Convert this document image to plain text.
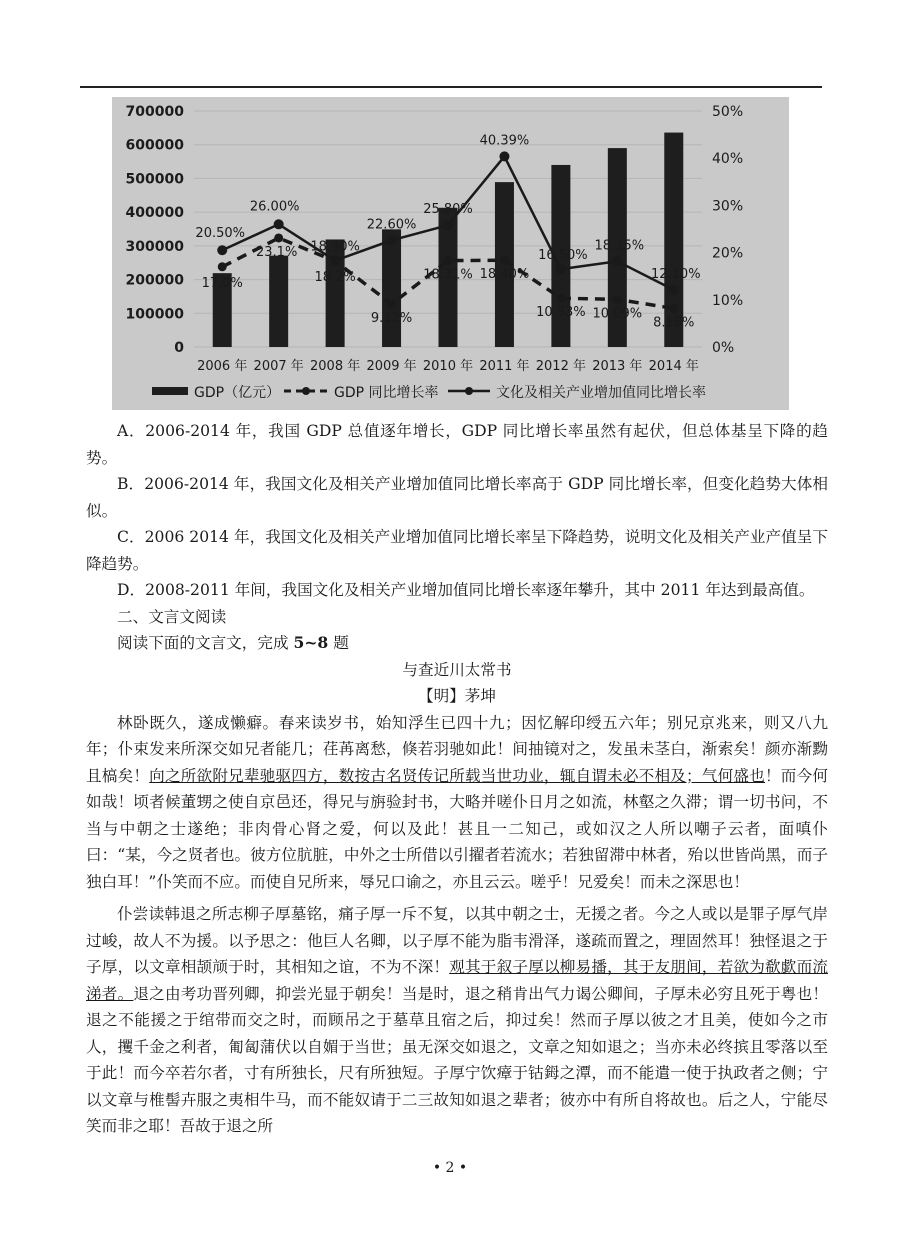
0
100000
200000
300000
400000
500000
600000
700000
0%
10%
20%
30%
40%
50%
2006 年 2007 年 2008 年 2009 年 2010 年 2011 年 2012 年 2013 年 2014 年
20.50%
26.00%
18.30%
22.60%
25.80%
40.39%
16.50%
18.15%
12.10%
17.0%
23.1%
18.2%
9.12%
18.31% 18.40%
10.33% 10.09%
8.18%
GDP（亿元）	GDP 同比增长率	文化及相关产业增加值同比增长率

A．2006-2014 年，我国 GDP 总值逐年增长，GDP 同比增长率虽然有起伏，但总体基呈下降的趋势。

B．2006-2014 年，我国文化及相关产业增加值同比增长率高于 GDP 同比增长率，但变化趋势大体相似。

C．2006 2014 年，我国文化及相关产业增加值同比增长率呈下降趋势，说明文化及相关产业产值呈下降趋势。

D．2008-2011 年间，我国文化及相关产业增加值同比增长率逐年攀升，其中 2011 年达到最高值。

二、文言文阅读

阅读下面的文言文，完成 5~8 题

与查近川太常书

【明】茅坤

林卧既久，遂成懒癖。春来读岁书，始知浮生已四十九；因忆解印绶五六年；别兄京兆来，则又八九年；仆束发来所深交如兄者能几；荏苒离愁，倏若羽驰如此！间抽镜对之，发虽未茎白，渐索矣！颜亦渐黝且槁矣！向之所欲附兄辈驰驱四方，数按古名贤传记所载当世功业，辄自谓未必不相及；气何盛也！而今何如哉！顷者候董甥之使自京邑还，得兄与旃验封书，大略并嗟仆日月之如流，林壑之久滞；谓一切书问，不当与中朝之士遂绝；非肉骨心肾之爱，何以及此！甚且一二知己，或如汉之人所以嘲子云者，面嗔仆曰：“某，今之贤者也。彼方位肮脏，中外之士所借以引擢者若流水；若独留滞中林者，殆以世皆尚黑，而子独白耳！”仆笑而不应。而使自兄所来，辱兄口谕之，亦且云云。嗟乎！兄爱矣！而未之深思也！

仆尝读韩退之所志柳子厚墓铭，痛子厚一斥不复，以其中朝之士，无援之者。今之人或以是罪子厚气岸过峻，故人不为援。以予思之：他巨人名卿，以子厚不能为脂韦滑泽，遂疏而置之，理固然耳！独怪退之于子厚，以文章相颉颃于时，其相知之谊，不为不深！观其于叙子厚以柳易播，其于友朋间，若欲为欷歔而流涕者。退之由考功晋列卿，抑尝光显于朝矣！当是时，退之稍肯出气力谒公卿间，子厚未必穷且死于粤也！退之不能援之于绾带而交之时，而顾吊之于墓草且宿之后，抑过矣！然而子厚以彼之才且美，使如今之市人，攫千金之利者，匍匐蒲伏以自媚于当世；虽无深交如退之，文章之知如退之；当亦未必终摈且零落以至于此！而今卒若尔者，寸有所独长，尺有所独短。子厚宁饮瘴于钴鉧之潭，而不能遣一使于执政者之侧；宁以文章与椎髻卉服之夷相牛马，而不能奴请于二三故知如退之辈者；彼亦中有所自将故也。后之人，宁能尽笑而非之耶！吾故于退之所

• 2 •
